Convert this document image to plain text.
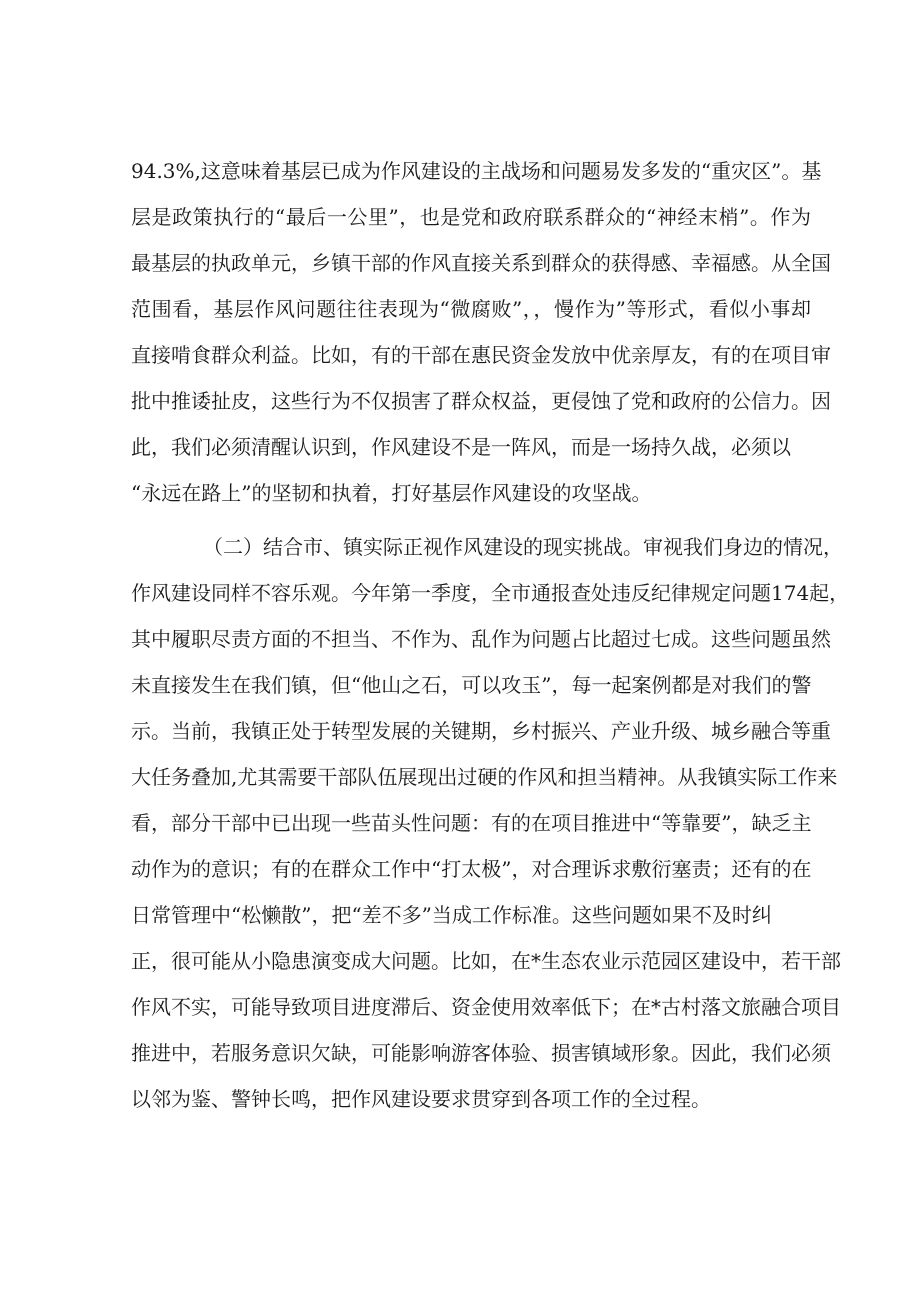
94.3%,这意味着基层已成为作风建设的主战场和问题易发多发的“重灾区”。基
层是政策执行的“最后一公里”，也是党和政府联系群众的“神经末梢”。作为
最基层的执政单元，乡镇干部的作风直接关系到群众的获得感、幸福感。从全国
范围看，基层作风问题往往表现为“微腐败”，，慢作为”等形式，看似小事却
直接啃食群众利益。比如，有的干部在惠民资金发放中优亲厚友，有的在项目审
批中推诿扯皮，这些行为不仅损害了群众权益，更侵蚀了党和政府的公信力。因
此，我们必须清醒认识到，作风建设不是一阵风，而是一场持久战，必须以
“永远在路上”的坚韧和执着，打好基层作风建设的攻坚战。
（二）结合市、镇实际正视作风建设的现实挑战。审视我们身边的情况，
作风建设同样不容乐观。今年第一季度，全市通报查处违反纪律规定问题174起，
其中履职尽责方面的不担当、不作为、乱作为问题占比超过七成。这些问题虽然
未直接发生在我们镇，但“他山之石，可以攻玉”，每一起案例都是对我们的警
示。当前，我镇正处于转型发展的关键期，乡村振兴、产业升级、城乡融合等重
大任务叠加,尤其需要干部队伍展现出过硬的作风和担当精神。从我镇实际工作来
看，部分干部中已出现一些苗头性问题：有的在项目推进中“等靠要”，缺乏主
动作为的意识；有的在群众工作中“打太极”，对合理诉求敷衍塞责；还有的在
日常管理中“松懒散”，把“差不多”当成工作标准。这些问题如果不及时纠
正，很可能从小隐患演变成大问题。比如，在*生态农业示范园区建设中，若干部
作风不实，可能导致项目进度滞后、资金使用效率低下；在*古村落文旅融合项目
推进中，若服务意识欠缺，可能影响游客体验、损害镇域形象。因此，我们必须
以邻为鉴、警钟长鸣，把作风建设要求贯穿到各项工作的全过程。
